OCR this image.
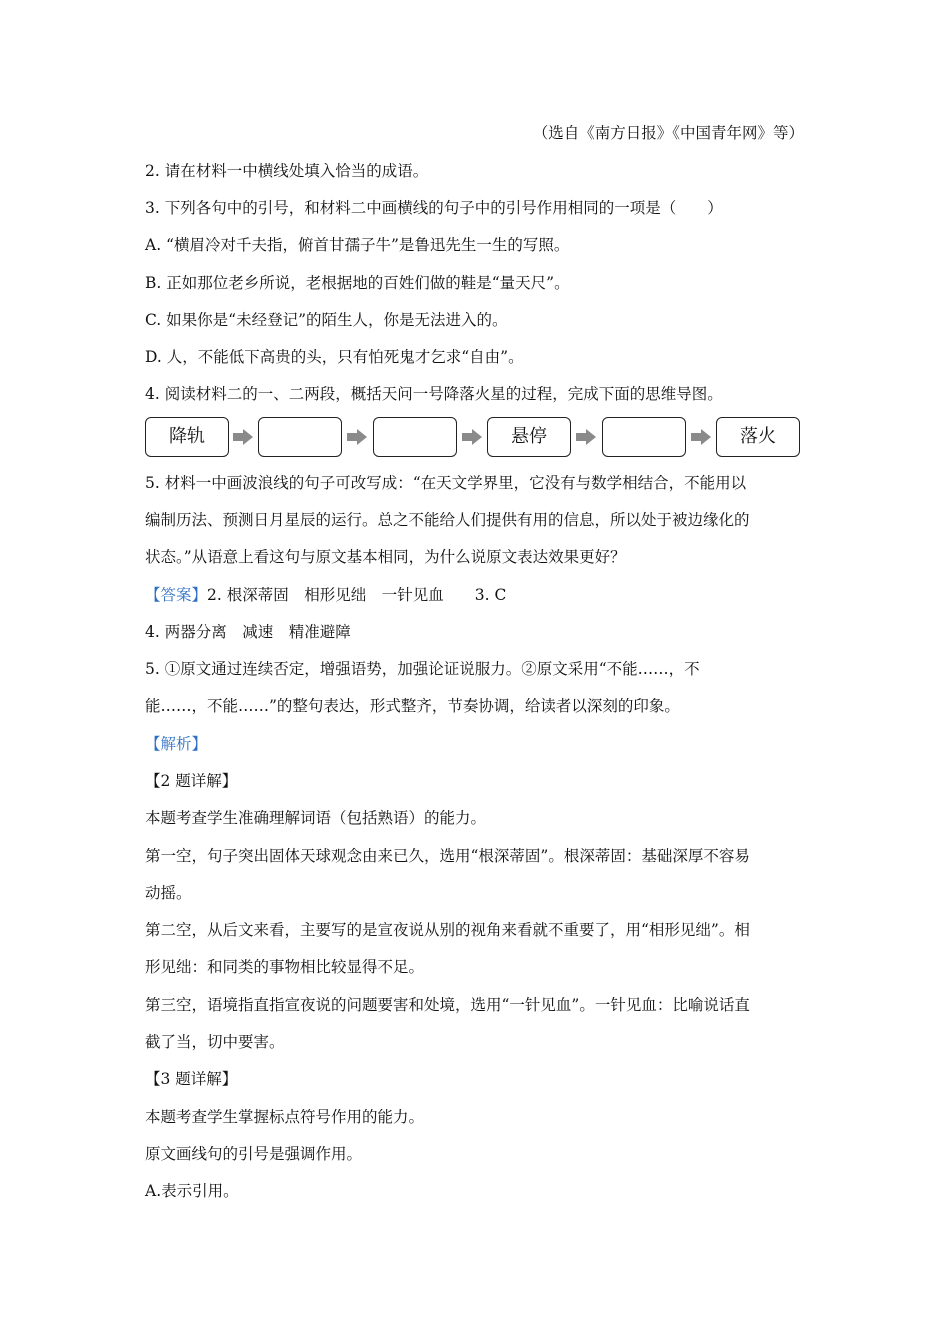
（选自《南方日报》《中国青年网》等）
2. 请在材料一中横线处填入恰当的成语。
3. 下列各句中的引号，和材料二中画横线的句子中的引号作用相同的一项是（　　）
A. “横眉冷对千夫指，俯首甘孺子牛”是鲁迅先生一生的写照。
B. 正如那位老乡所说，老根据地的百姓们做的鞋是“量天尺”。
C. 如果你是“未经登记”的陌生人，你是无法进入的。
D. 人，不能低下高贵的头，只有怕死鬼才乞求“自由”。
4. 阅读材料二的一、二两段，概括天问一号降落火星的过程，完成下面的思维导图。
降轨	悬停	落火
5. 材料一中画波浪线的句子可改写成：“在天文学界里，它没有与数学相结合，不能用以
编制历法、预测日月星辰的运行。总之不能给人们提供有用的信息，所以处于被边缘化的
状态。”从语意上看这句与原文基本相同，为什么说原文表达效果更好？
【答案】2. 根深蒂固　相形见绌　一针见血　　3. C
4. 两器分离　减速　精准避障
5. ①原文通过连续否定，增强语势，加强论证说服力。②原文采用“不能……，不
能……，不能……”的整句表达，形式整齐，节奏协调，给读者以深刻的印象。
【解析】
【2 题详解】
本题考查学生准确理解词语（包括熟语）的能力。
第一空，句子突出固体天球观念由来已久，选用“根深蒂固”。根深蒂固：基础深厚不容易
动摇。
第二空，从后文来看，主要写的是宣夜说从别的视角来看就不重要了，用“相形见绌”。相
形见绌：和同类的事物相比较显得不足。
第三空，语境指直指宣夜说的问题要害和处境，选用“一针见血”。一针见血：比喻说话直
截了当，切中要害。
【3 题详解】
本题考查学生掌握标点符号作用的能力。
原文画线句的引号是强调作用。
A.表示引用。
